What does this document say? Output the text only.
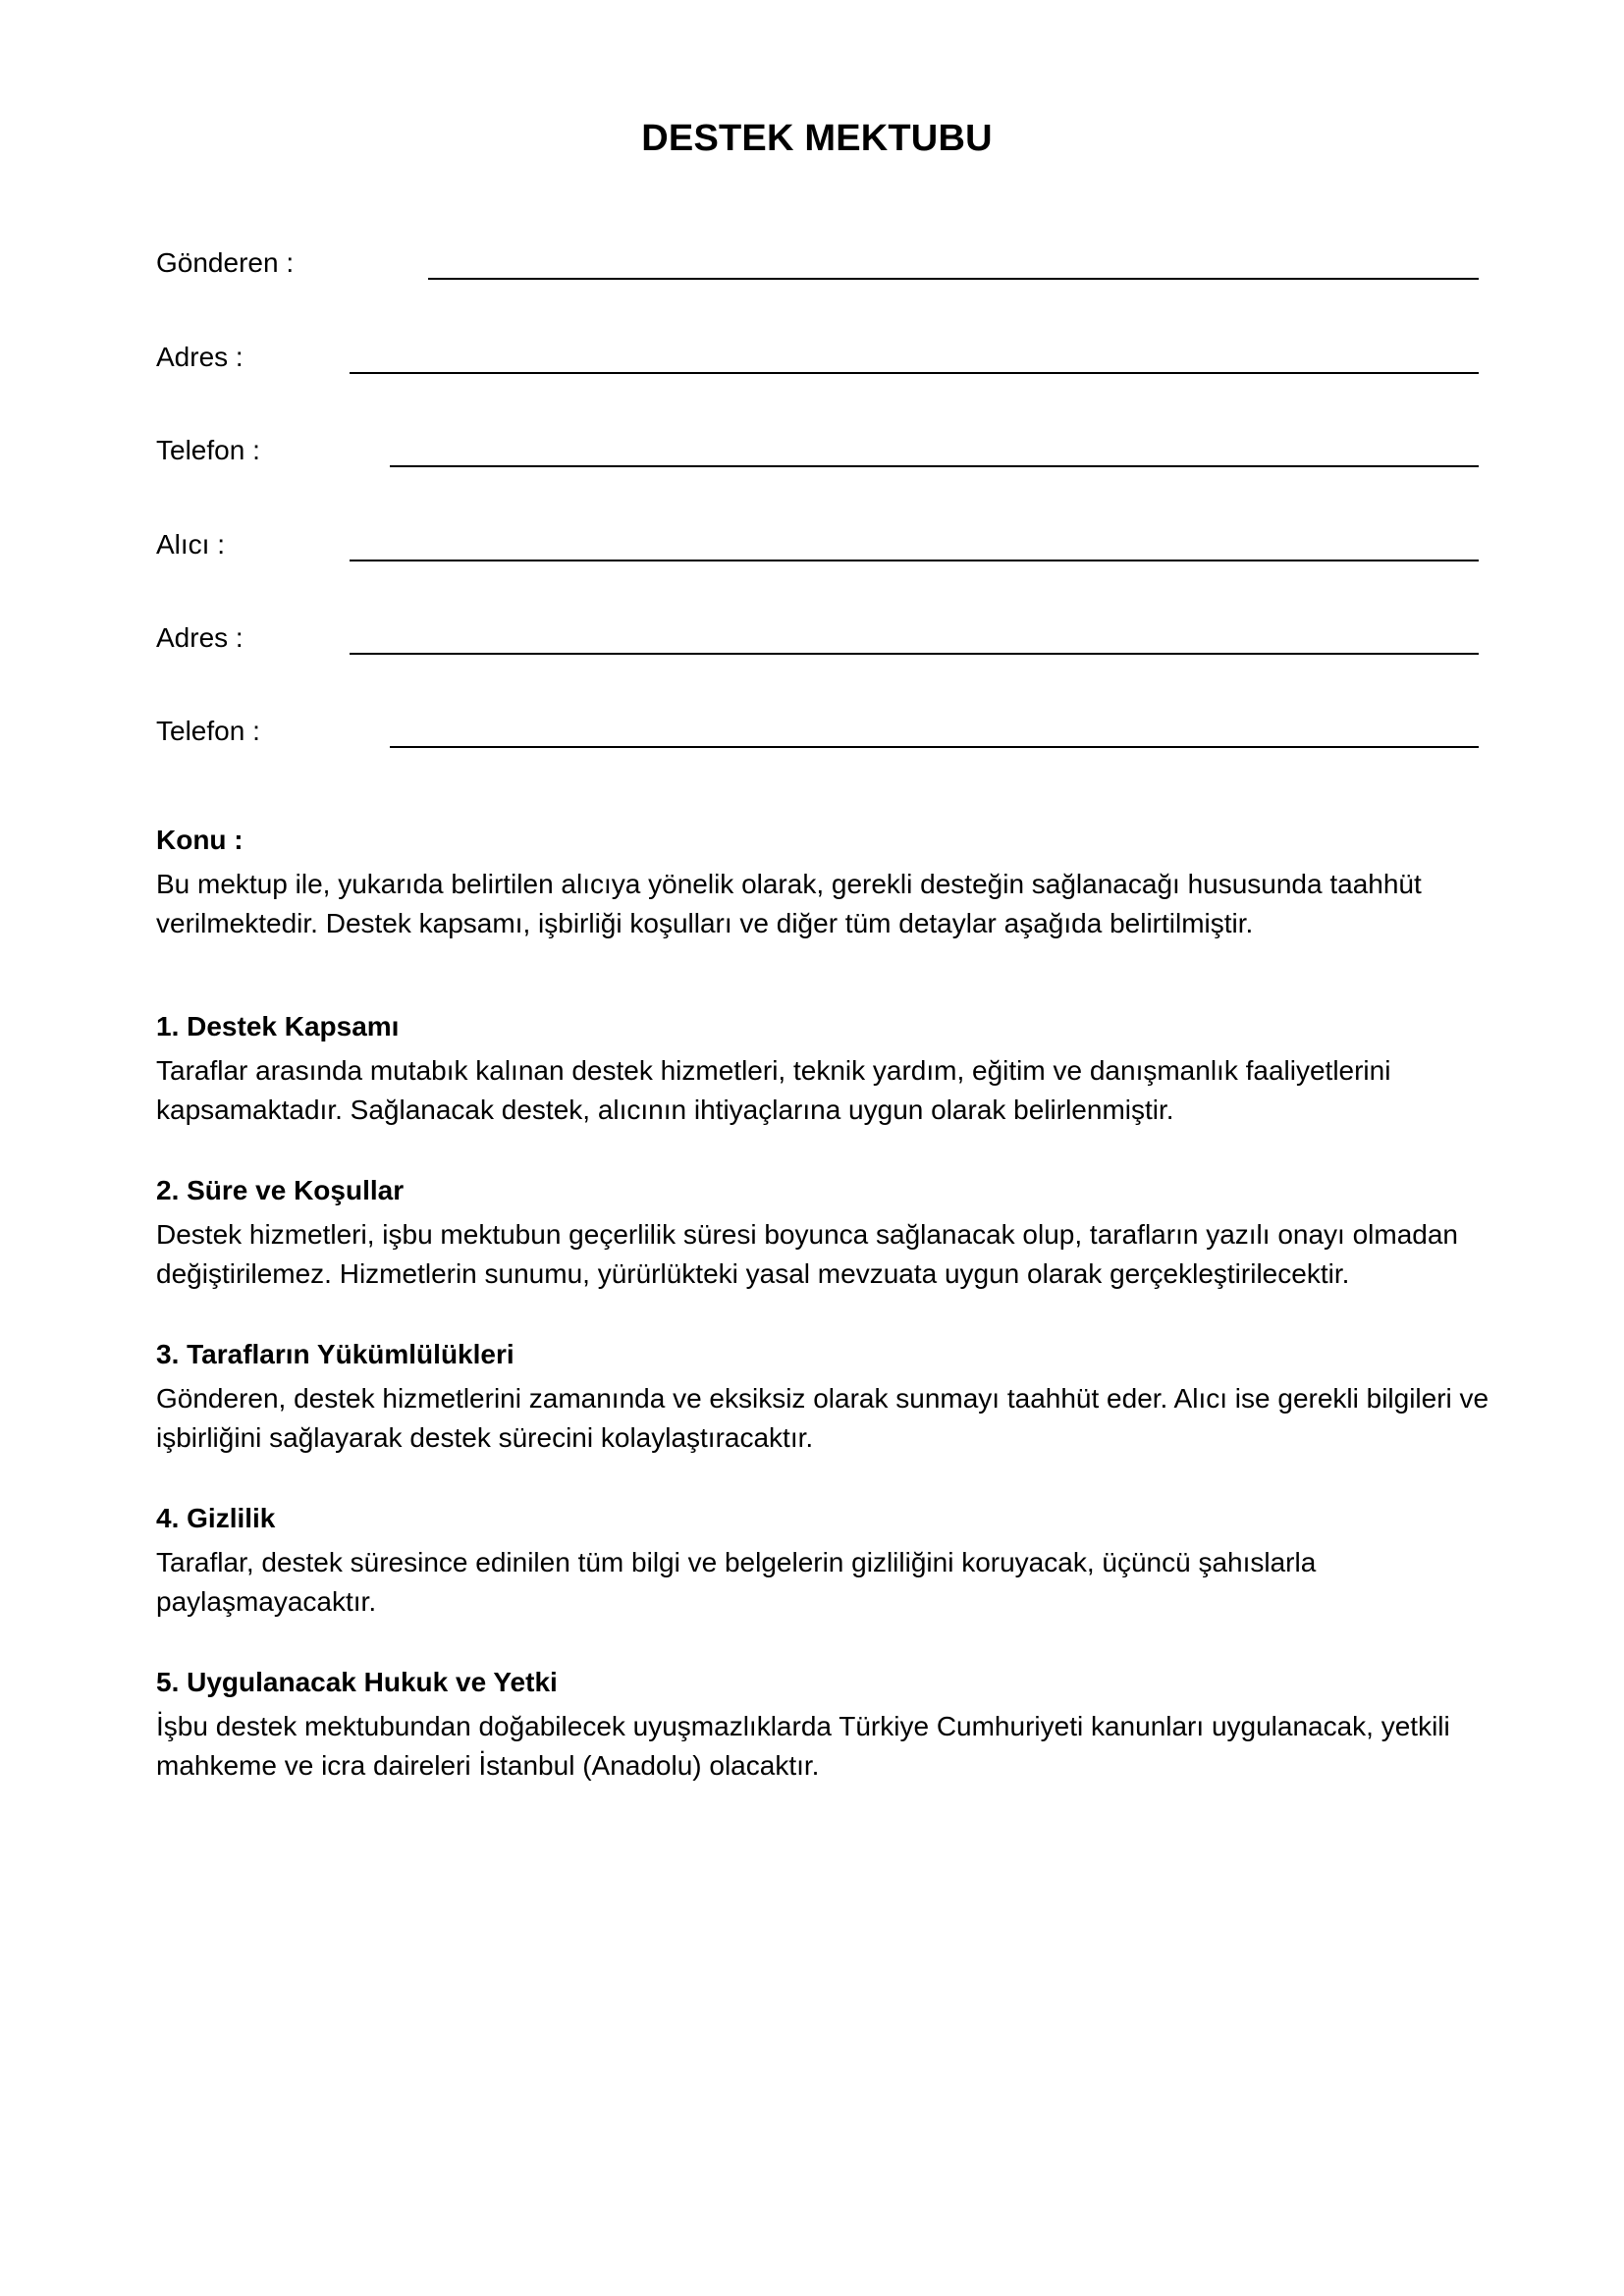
DESTEK MEKTUBU
Gönderen :
Adres :
Telefon :
Alıcı :
Adres :
Telefon :
Konu :
Bu mektup ile, yukarıda belirtilen alıcıya yönelik olarak, gerekli desteğin sağlanacağı hususunda taahhüt verilmektedir. Destek kapsamı, işbirliği koşulları ve diğer tüm detaylar aşağıda belirtilmiştir.
1. Destek Kapsamı
Taraflar arasında mutabık kalınan destek hizmetleri, teknik yardım, eğitim ve danışmanlık faaliyetlerini kapsamaktadır. Sağlanacak destek, alıcının ihtiyaçlarına uygun olarak belirlenmiştir.
2. Süre ve Koşullar
Destek hizmetleri, işbu mektubun geçerlilik süresi boyunca sağlanacak olup, tarafların yazılı onayı olmadan değiştirilemez. Hizmetlerin sunumu, yürürlükteki yasal mevzuata uygun olarak gerçekleştirilecektir.
3. Tarafların Yükümlülükleri
Gönderen, destek hizmetlerini zamanında ve eksiksiz olarak sunmayı taahhüt eder. Alıcı ise gerekli bilgileri ve işbirliğini sağlayarak destek sürecini kolaylaştıracaktır.
4. Gizlilik
Taraflar, destek süresince edinilen tüm bilgi ve belgelerin gizliliğini koruyacak, üçüncü şahıslarla paylaşmayacaktır.
5. Uygulanacak Hukuk ve Yetki
İşbu destek mektubundan doğabilecek uyuşmazlıklarda Türkiye Cumhuriyeti kanunları uygulanacak, yetkili mahkeme ve icra daireleri İstanbul (Anadolu) olacaktır.
